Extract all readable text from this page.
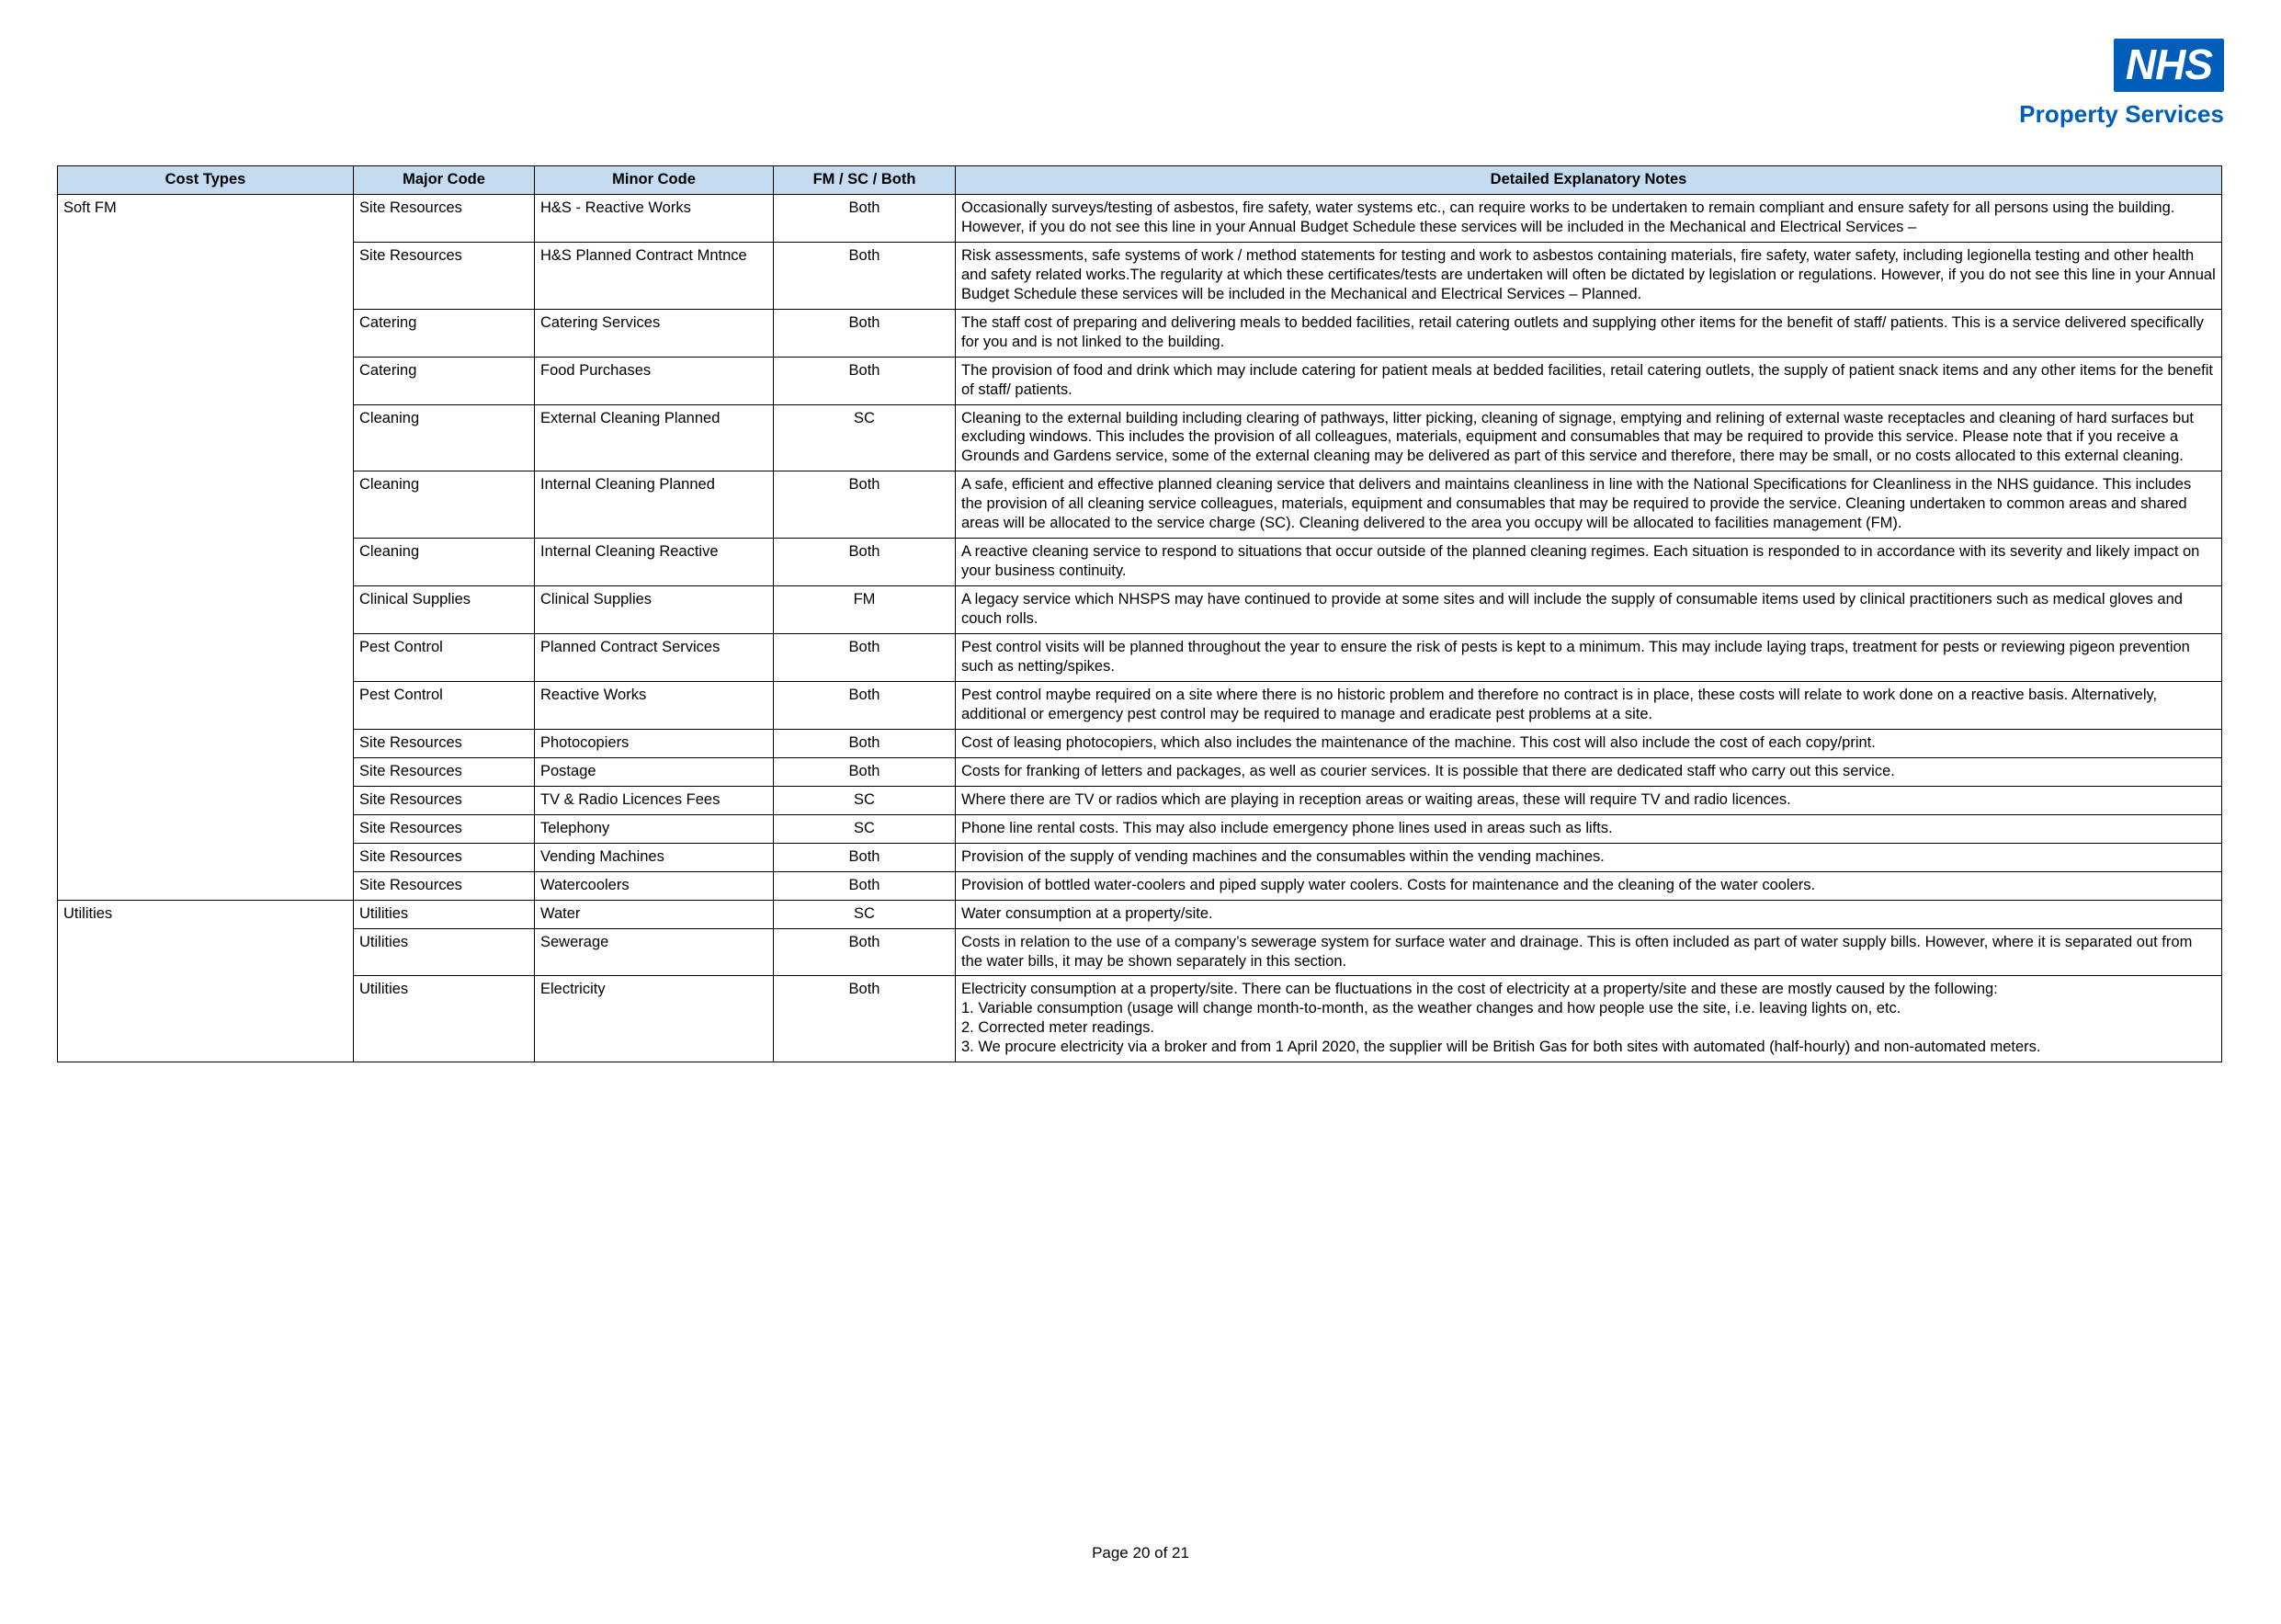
NHS
Property Services
Cost Types	Major Code	Minor Code	FM / SC / Both	Detailed Explanatory Notes
Soft FM	Site Resources	H&S - Reactive Works	Both	Occasionally surveys/testing of asbestos, fire safety, water systems etc., can require works to be undertaken to remain compliant and ensure safety for all persons using the building. However, if you do not see this line in your Annual Budget Schedule these services will be included in the Mechanical and Electrical Services –

	Site Resources	H&S Planned Contract Mntnce	Both	Risk assessments, safe systems of work / method statements for testing and work to asbestos containing materials, fire safety, water safety, including legionella testing and other health and safety related works.The regularity at which these certificates/tests are undertaken will often be dictated by legislation or regulations. However, if you do not see this line in your Annual Budget Schedule these services will be included in the Mechanical and Electrical Services – Planned.

	Catering	Catering Services	Both	The staff cost of preparing and delivering meals to bedded facilities, retail catering outlets and supplying other items for the benefit of staff/ patients. This is a service delivered specifically for you and is not linked to the building.

	Catering	Food Purchases	Both	The provision of food and drink which may include catering for patient meals at bedded facilities, retail catering outlets, the supply of patient snack items and any other items for the benefit of staff/ patients.

	Cleaning	External Cleaning Planned	SC	Cleaning to the external building including clearing of pathways, litter picking, cleaning of signage, emptying and relining of external waste receptacles and cleaning of hard surfaces but excluding windows. This includes the provision of all colleagues, materials, equipment and consumables that may be required to provide this service. Please note that if you receive a Grounds and Gardens service, some of the external cleaning may be delivered as part of this service and therefore, there may be small, or no costs allocated to this external cleaning.

	Cleaning	Internal Cleaning Planned	Both	A safe, efficient and effective planned cleaning service that delivers and maintains cleanliness in line with the National Specifications for Cleanliness in the NHS guidance. This includes the provision of all cleaning service colleagues, materials, equipment and consumables that may be required to provide the service. Cleaning undertaken to common areas and shared areas will be allocated to the service charge (SC). Cleaning delivered to the area you occupy will be allocated to facilities management (FM).

	Cleaning	Internal Cleaning Reactive	Both	A reactive cleaning service to respond to situations that occur outside of the planned cleaning regimes. Each situation is responded to in accordance with its severity and likely impact on your business continuity.

	Clinical Supplies	Clinical Supplies	FM	A legacy service which NHSPS may have continued to provide at some sites and will include the supply of consumable items used by clinical practitioners such as medical gloves and couch rolls.

	Pest Control	Planned Contract Services	Both	Pest control visits will be planned throughout the year to ensure the risk of pests is kept to a minimum. This may include laying traps, treatment for pests or reviewing pigeon prevention such as netting/spikes.

	Pest Control	Reactive Works	Both	Pest control maybe required on a site where there is no historic problem and therefore no contract is in place, these costs will relate to work done on a reactive basis. Alternatively, additional or emergency pest control may be required to manage and eradicate pest problems at a site.

	Site Resources	Photocopiers	Both	Cost of leasing photocopiers, which also includes the maintenance of the machine. This cost will also include the cost of each copy/print.

	Site Resources	Postage	Both	Costs for franking of letters and packages, as well as courier services. It is possible that there are dedicated staff who carry out this service.

	Site Resources	TV & Radio Licences Fees	SC	Where there are TV or radios which are playing in reception areas or waiting areas, these will require TV and radio licences.

	Site Resources	Telephony	SC	Phone line rental costs. This may also include emergency phone lines used in areas such as lifts.

	Site Resources	Vending Machines	Both	Provision of the supply of vending machines and the consumables within the vending machines.

	Site Resources	Watercoolers	Both	Provision of bottled water-coolers and piped supply water coolers. Costs for maintenance and the cleaning of the water coolers.

Utilities	Utilities	Water	SC	Water consumption at a property/site.

	Utilities	Sewerage	Both	Costs in relation to the use of a company’s sewerage system for surface water and drainage. This is often included as part of water supply bills. However, where it is separated out from the water bills, it may be shown separately in this section.

	Utilities	Electricity	Both	Electricity consumption at a property/site. There can be fluctuations in the cost of electricity at a property/site and these are mostly caused by the following:

1. Variable consumption (usage will change month-to-month, as the weather changes and how people use the site, i.e. leaving lights on, etc.

2. Corrected meter readings.

3. We procure electricity via a broker and from 1 April 2020, the supplier will be British Gas for both sites with automated (half-hourly) and non-automated meters.

Page 20 of 21
